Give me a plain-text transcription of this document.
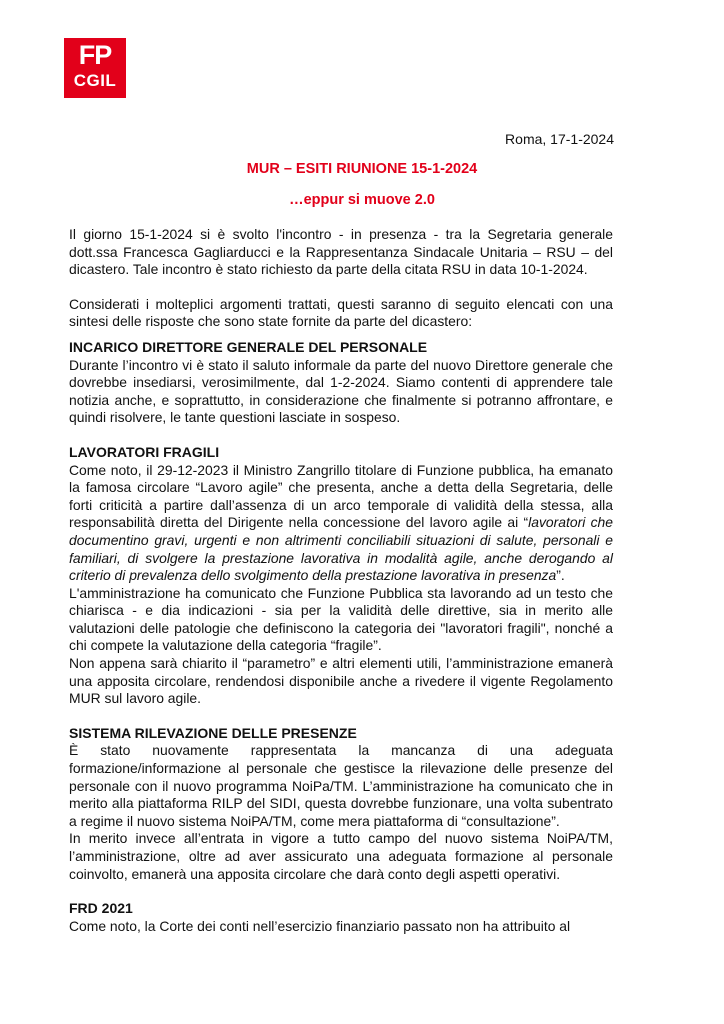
FP
CGIL
Roma, 17-1-2024
MUR – ESITI RIUNIONE 15-1-2024
…eppur si muove 2.0

Il giorno 15-1-2024 si è svolto l'incontro - in presenza - tra la Segretaria generale dott.ssa Francesca Gagliarducci e la Rappresentanza Sindacale Unitaria – RSU – del dicastero. Tale incontro è stato richiesto da parte della citata RSU in data 10-1-2024.

Considerati i molteplici argomenti trattati, questi saranno di seguito elencati con una sintesi delle risposte che sono state fornite da parte del dicastero:

INCARICO DIRETTORE GENERALE DEL PERSONALE

Durante l’incontro vi è stato il saluto informale da parte del nuovo Direttore generale che dovrebbe insediarsi, verosimilmente, dal 1-2-2024. Siamo contenti di apprendere tale notizia anche, e soprattutto, in considerazione che finalmente si potranno affrontare, e quindi risolvere, le tante questioni lasciate in sospeso.

LAVORATORI FRAGILI

Come noto, il 29-12-2023 il Ministro Zangrillo titolare di Funzione pubblica, ha emanato la famosa circolare “Lavoro agile” che presenta, anche a detta della Segretaria, delle forti criticità a partire dall’assenza di un arco temporale di validità della stessa, alla responsabilità diretta del Dirigente nella concessione del lavoro agile ai “lavoratori che documentino gravi, urgenti e non altrimenti conciliabili situazioni di salute, personali e familiari, di svolgere la prestazione lavorativa in modalità agile, anche derogando al criterio di prevalenza dello svolgimento della prestazione lavorativa in presenza”.

L'amministrazione ha comunicato che Funzione Pubblica sta lavorando ad un testo che chiarisca - e dia indicazioni - sia per la validità delle direttive, sia in merito alle valutazioni delle patologie che definiscono la categoria dei "lavoratori fragili", nonché a chi compete la valutazione della categoria “fragile”.

Non appena sarà chiarito il “parametro” e altri elementi utili, l’amministrazione emanerà una apposita circolare, rendendosi disponibile anche a rivedere il vigente Regolamento MUR sul lavoro agile.

SISTEMA RILEVAZIONE DELLE PRESENZE

È stato nuovamente rappresentata la mancanza di una adeguata formazione/informazione al personale che gestisce la rilevazione delle presenze del personale con il nuovo programma NoiPa/TM. L’amministrazione ha comunicato che in merito alla piattaforma RILP del SIDI, questa dovrebbe funzionare, una volta subentrato a regime il nuovo sistema NoiPA/TM, come mera piattaforma di “consultazione”.

In merito invece all’entrata in vigore a tutto campo del nuovo sistema NoiPA/TM, l’amministrazione, oltre ad aver assicurato una adeguata formazione al personale coinvolto, emanerà una apposita circolare che darà conto degli aspetti operativi.

FRD 2021

Come noto, la Corte dei conti nell’esercizio finanziario passato non ha attribuito al
